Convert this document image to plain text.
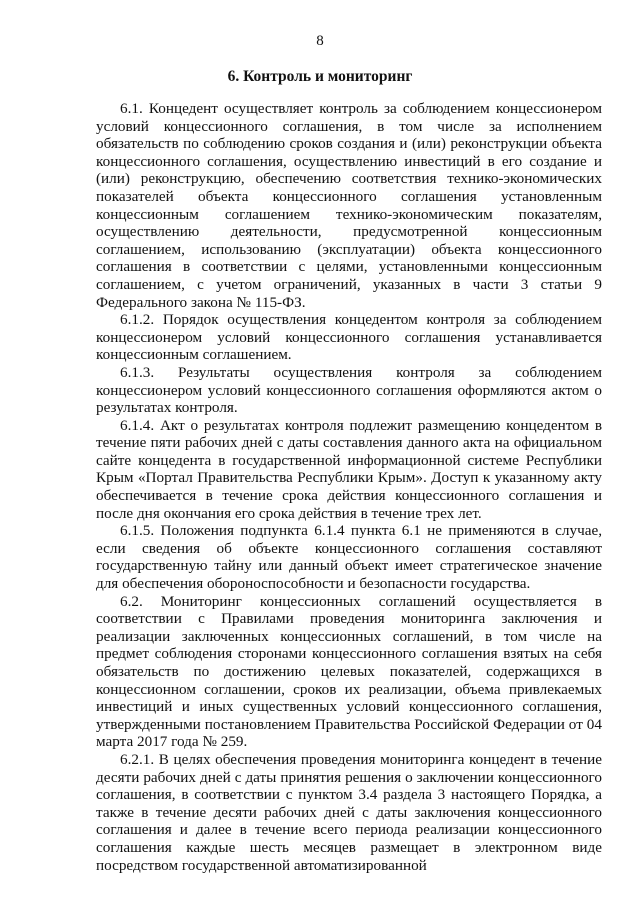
8
6. Контроль и мониторинг

6.1. Концедент осуществляет контроль за соблюдением концессионером условий концессионного соглашения, в том числе за исполнением обязательств по соблюдению сроков создания и (или) реконструкции объекта концессионного соглашения, осуществлению инвестиций в его создание и (или) реконструкцию, обеспечению соответствия технико-экономических показателей объекта концессионного соглашения установленным концессионным соглашением технико-экономическим показателям, осуществлению деятельности, предусмотренной концессионным соглашением, использованию (эксплуатации) объекта концессионного соглашения в соответствии с целями, установленными концессионным соглашением, с учетом ограничений, указанных в части 3 статьи 9 Федерального закона № 115-ФЗ.

6.1.2. Порядок осуществления концедентом контроля за соблюдением концессионером условий концессионного соглашения устанавливается концессионным соглашением.

6.1.3. Результаты осуществления контроля за соблюдением концессионером условий концессионного соглашения оформляются актом о результатах контроля.

6.1.4. Акт о результатах контроля подлежит размещению концедентом в течение пяти рабочих дней с даты составления данного акта на официальном сайте концедента в государственной информационной системе Республики Крым «Портал Правительства Республики Крым». Доступ к указанному акту обеспечивается в течение срока действия концессионного соглашения и после дня окончания его срока действия в течение трех лет.

6.1.5. Положения подпункта 6.1.4 пункта 6.1 не применяются в случае, если сведения об объекте концессионного соглашения составляют государственную тайну или данный объект имеет стратегическое значение для обеспечения обороноспособности и безопасности государства.

6.2. Мониторинг концессионных соглашений осуществляется в соответствии с Правилами проведения мониторинга заключения и реализации заключенных концессионных соглашений, в том числе на предмет соблюдения сторонами концессионного соглашения взятых на себя обязательств по достижению целевых показателей, содержащихся в концессионном соглашении, сроков их реализации, объема привлекаемых инвестиций и иных существенных условий концессионного соглашения, утвержденными постановлением Правительства Российской Федерации от 04 марта 2017 года № 259.

6.2.1. В целях обеспечения проведения мониторинга концедент в течение десяти рабочих дней с даты принятия решения о заключении концессионного соглашения, в соответствии с пунктом 3.4 раздела 3 настоящего Порядка, а также в течение десяти рабочих дней с даты заключения концессионного соглашения и далее в течение всего периода реализации концессионного соглашения каждые шесть месяцев размещает в электронном виде посредством государственной автоматизированной
